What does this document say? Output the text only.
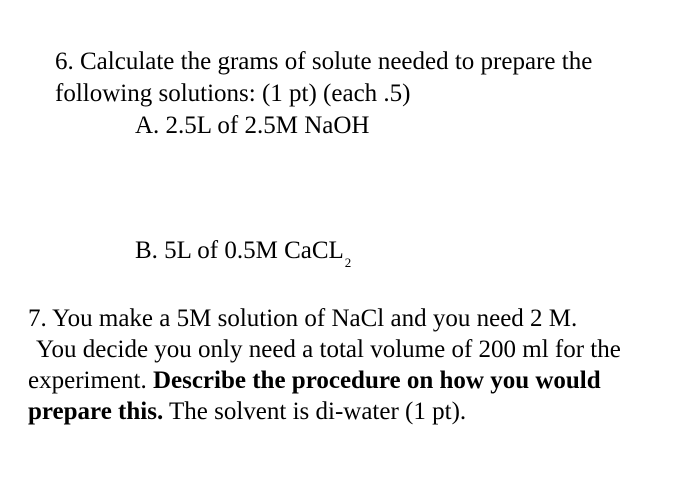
6. Calculate the grams of solute needed to prepare the
following solutions: (1 pt) (each .5)
A. 2.5L of 2.5M NaOH
B. 5L of 0.5M CaCL$_2$
7. You make a 5M solution of NaCl and you need 2 M.
You decide you only need a total volume of 200 ml for the
experiment. Describe the procedure on how you would
prepare this. The solvent is di-water (1 pt).
